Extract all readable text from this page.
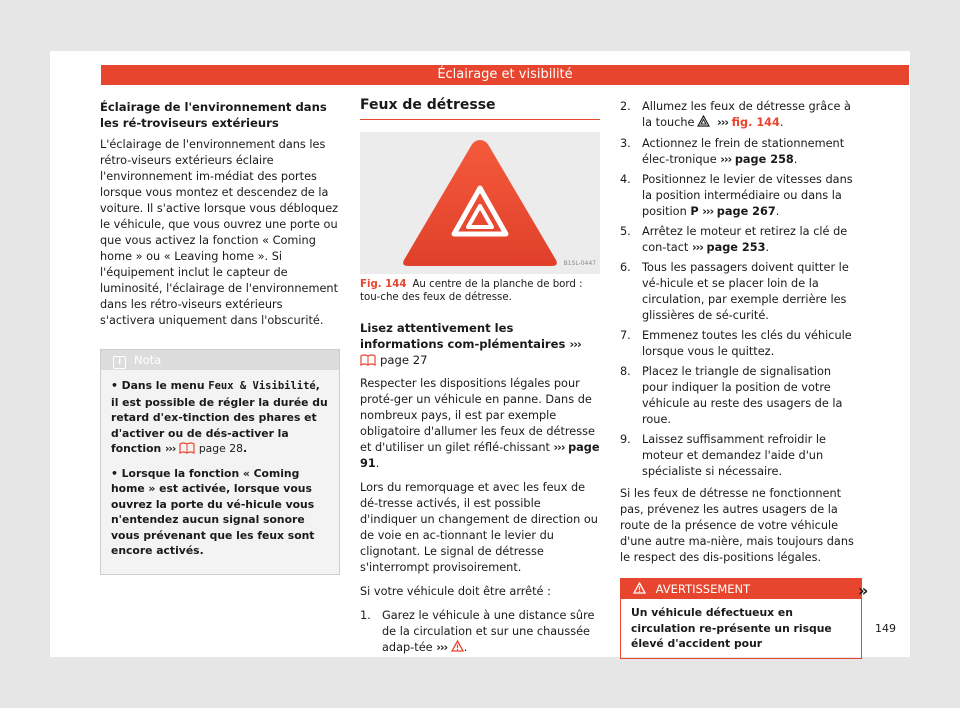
Éclairage et visibilité
Éclairage de l'environnement dans les ré-troviseurs extérieurs

L'éclairage de l'environnement dans les rétro-viseurs extérieurs éclaire l'environnement im-médiat des portes lorsque vous montez et descendez de la voiture. Il s'active lorsque vous débloquez le véhicule, que vous ouvrez une porte ou que vous activez la fonction « Coming home » ou « Leaving home ». Si l'équipement inclut le capteur de luminosité, l'éclairage de l'environnement dans les rétro-viseurs extérieurs s'activera uniquement dans l'obscurité.

i Nota
• Dans le menu Feux & Visibilité, il est possible de régler la durée du retard d'ex-tinction des phares et d'activer ou de dés-activer la fonction ››› page 28.
• Lorsque la fonction « Coming home » est activée, lorsque vous ouvrez la porte du vé-hicule vous n'entendez aucun signal sonore vous prévenant que les feux sont encore activés.
Feux de détresse
B1SL-0447
Fig. 144 Au centre de la planche de bord : tou-che des feux de détresse.

Lisez attentivement les informations com-plémentaires ›››  page 27

Respecter les dispositions légales pour proté-ger un véhicule en panne. Dans de nombreux pays, il est par exemple obligatoire d'allumer les feux de détresse et d'utiliser un gilet réflé-chissant ››› page 91.

Lors du remorquage et avec les feux de dé-tresse activés, il est possible d'indiquer un changement de direction ou de voie en ac-tionnant le levier du clignotant. Le signal de détresse s'interrompt provisoirement.

Si votre véhicule doit être arrêté :

1. Garez le véhicule à une distance sûre de la circulation et sur une chaussée adap-tée ››› .
2. Allumez les feux de détresse grâce à la touche ››› fig. 144.
3. Actionnez le frein de stationnement élec-tronique ››› page 258.
4. Positionnez le levier de vitesses dans la position intermédiaire ou dans la position P ››› page 267.
5. Arrêtez le moteur et retirez la clé de con-tact ››› page 253.
6. Tous les passagers doivent quitter le vé-hicule et se placer loin de la circulation, par exemple derrière les glissières de sé-curité.
7. Emmenez toutes les clés du véhicule lorsque vous le quittez.
8. Placez le triangle de signalisation pour indiquer la position de votre véhicule au reste des usagers de la roue.
9. Laissez suffisamment refroidir le moteur et demandez l'aide d'un spécialiste si nécessaire.

Si les feux de détresse ne fonctionnent pas, prévenez les autres usagers de la route de la présence de votre véhicule d'une autre ma-nière, mais toujours dans le respect des dis-positions légales.

AVERTISSEMENT
Un véhicule défectueux en circulation re-présente un risque élevé d'accident pour
»
149
